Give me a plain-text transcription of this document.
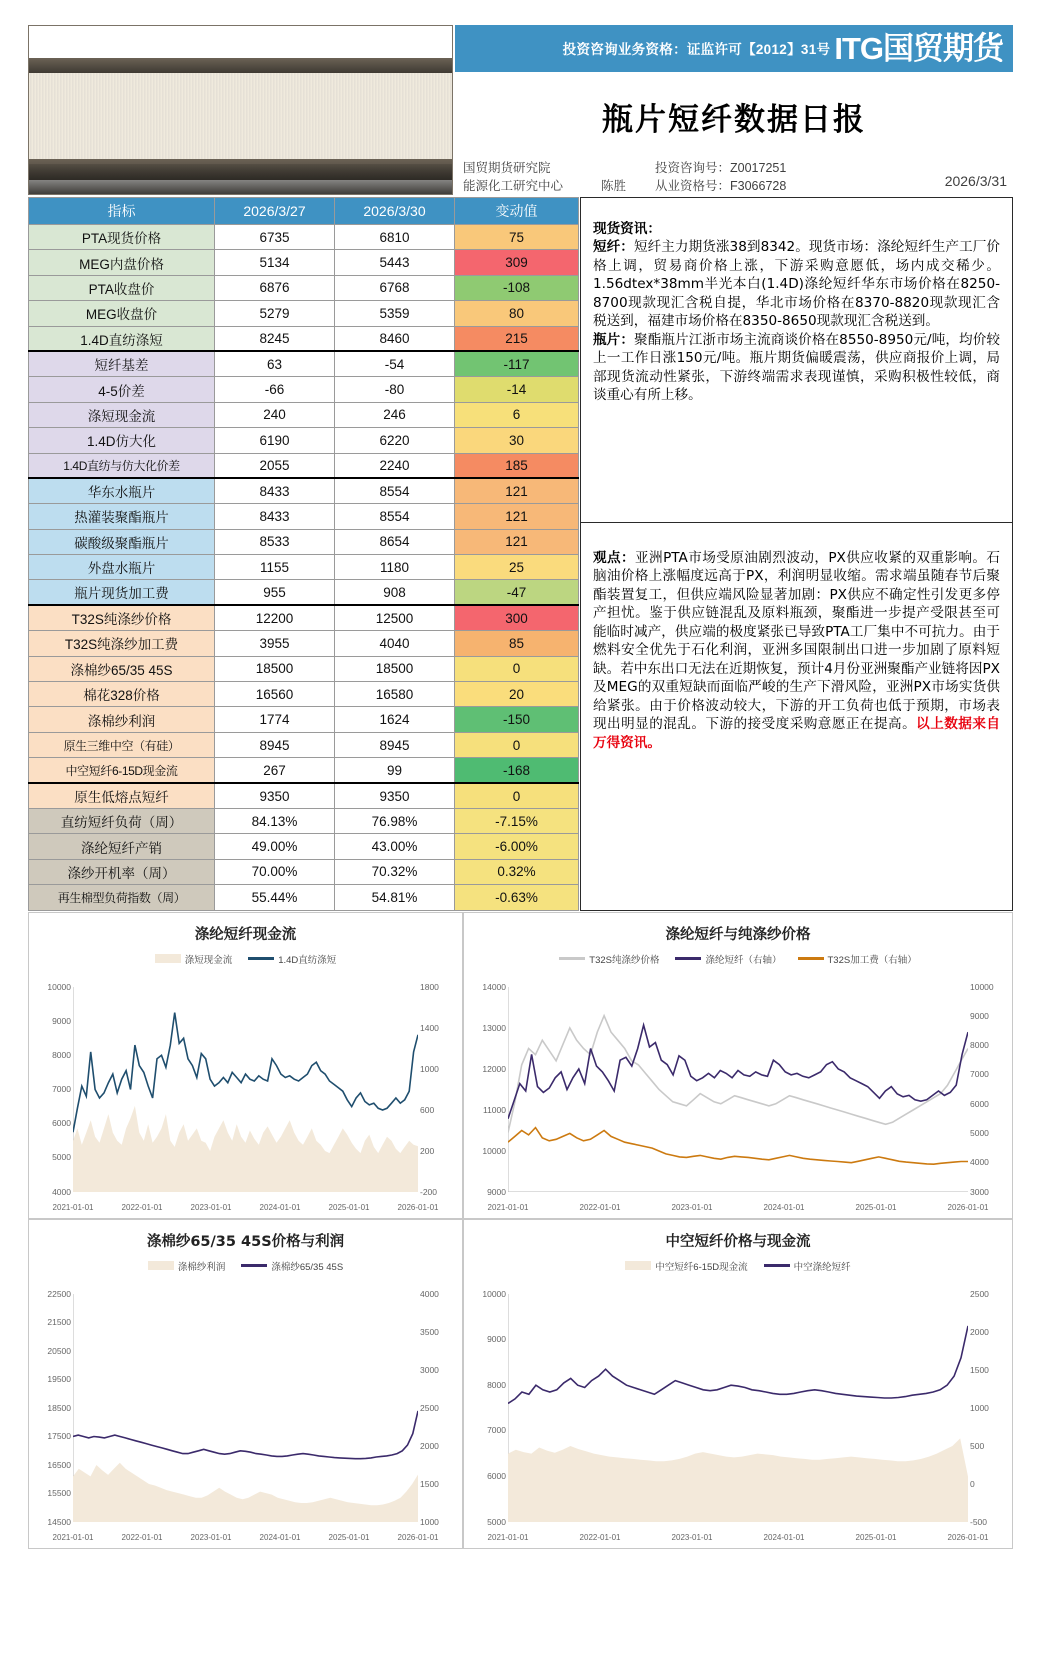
投资咨询业务资格：证监许可【2012】31号 ITG国贸期货
瓶片短纤数据日报
国贸期货研究院
能源化工研究中心	陈胜
投资咨询号：Z0017251
从业资格号：F3066728	2026/3/31
指标	2026/3/27	2026/3/30	变动值
PTA现货价格	6735	6810	75
MEG内盘价格	5134	5443	309
PTA收盘价	6876	6768	-108
MEG收盘价	5279	5359	80
1.4D直纺涤短	8245	8460	215
短纤基差	63	-54	-117
4-5价差	-66	-80	-14
涤短现金流	240	246	6
1.4D仿大化	6190	6220	30
1.4D直纺与仿大化价差	2055	2240	185
华东水瓶片	8433	8554	121
热灌装聚酯瓶片	8433	8554	121
碳酸级聚酯瓶片	8533	8654	121
外盘水瓶片	1155	1180	25
瓶片现货加工费	955	908	-47
T32S纯涤纱价格	12200	12500	300
T32S纯涤纱加工费	3955	4040	85
涤棉纱65/35 45S	18500	18500	0
棉花328价格	16560	16580	20
涤棉纱利润	1774	1624	-150
原生三维中空（有硅）	8945	8945	0
中空短纤6-15D现金流	267	99	-168
原生低熔点短纤	9350	9350	0
直纺短纤负荷（周）	84.13%	76.98%	-7.15%
涤纶短纤产销	49.00%	43.00%	-6.00%
涤纱开机率（周）	70.00%	70.32%	0.32%
再生棉型负荷指数（周）	55.44%	54.81%	-0.63%

现货资讯：

短纤：短纤主力期货涨38到8342。现货市场：涤纶短纤生产工厂价格上调，贸易商价格上涨，下游采购意愿低，场内成交稀少。1.56dtex*38mm半光本白(1.4D)涤纶短纤华东市场价格在8250-8700现款现汇含税自提，华北市场价格在8370-8820现款现汇含税送到，福建市场价格在8350-8650现款现汇含税送到。

瓶片：聚酯瓶片江浙市场主流商谈价格在8550-8950元/吨，均价较上一工作日涨150元/吨。瓶片期货偏暖震荡，供应商报价上调，局部现货流动性紧张，下游终端需求表现谨慎，采购积极性较低，商谈重心有所上移。

观点：亚洲PTA市场受原油剧烈波动，PX供应收紧的双重影响。石脑油价格上涨幅度远高于PX，利润明显收缩。需求端虽随春节后聚酯装置复工，但供应端风险显著加剧：PX供应不确定性引发更多停产担忧。鉴于供应链混乱及原料瓶颈，聚酯进一步提产受限甚至可能临时减产，供应端的极度紧张已导致PTA工厂集中不可抗力。由于燃料安全优先于石化利润，亚洲多国限制出口进一步加剧了原料短缺。若中东出口无法在近期恢复，预计4月份亚洲聚酯产业链将因PX及MEG的双重短缺而面临严峻的生产下滑风险，亚洲PX市场实货供给紧张。由于价格波动较大，下游的开工负荷也低于预期，市场表现出明显的混乱。下游的接受度采购意愿正在提高。以上数据来自万得资讯。

涤纶短纤现金流
涤短现金流	1.4D直纺涤短
4000
5000
6000
7000
8000
9000
10000
-200
200
600
1000
1400
1800
2021-01-01	2022-01-01	2023-01-01	2024-01-01	2025-01-01	2026-01-01
涤纶短纤与纯涤纱价格
T32S纯涤纱价格	涤纶短纤（右轴）	T32S加工费（右轴）
9000
10000
11000
12000
13000
14000
3000
4000
5000
6000
7000
8000
9000
10000
2021-01-01	2022-01-01	2023-01-01	2024-01-01	2025-01-01	2026-01-01
涤棉纱65/35 45S价格与利润
涤棉纱利润	涤棉纱65/35 45S
14500
15500
16500
17500
18500
19500
20500
21500
22500
1000
1500
2000
2500
3000
3500
4000
2021-01-01	2022-01-01	2023-01-01	2024-01-01	2025-01-01	2026-01-01
中空短纤价格与现金流
中空短纤6-15D现金流	中空涤纶短纤
5000
6000
7000
8000
9000
10000
-500
0
500
1000
1500
2000
2500
2021-01-01	2022-01-01	2023-01-01	2024-01-01	2025-01-01	2026-01-01
